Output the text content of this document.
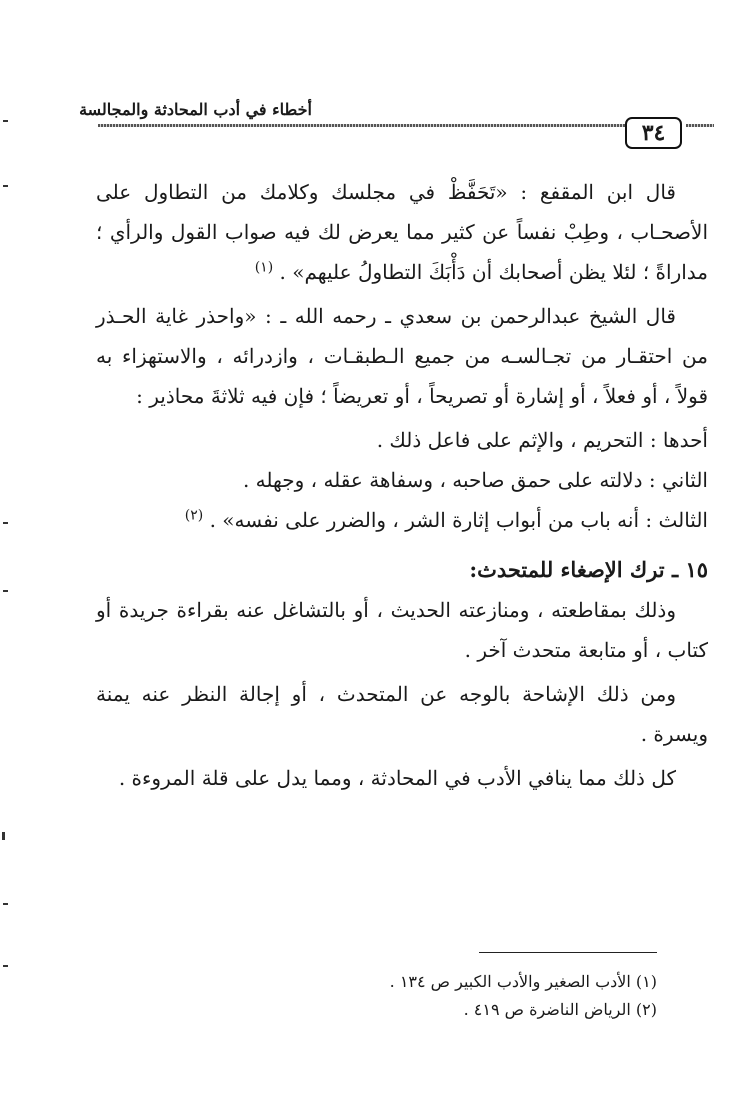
أخطاء في أدب المحادثة والمجالسة
٣٤

قال ابن المقفع : «تَحَفَّظْ في مجلسك وكلامك من التطاول على الأصحـاب ، وطِبْ نفساً عن كثير مما يعرض لك فيه صواب القول والرأي ؛ مداراةً ؛ لئلا يظن أصحابك أن دَأْبَكَ التطاولُ عليهم» . $^{(١)}$

قال الشيخ عبدالرحمن بن سعدي ـ رحمه الله ـ : «واحذر غاية الحـذر من احتقـار من تجـالسـه من جميع الـطبقـات ، وازدرائه ، والاستهزاء به قولاً ، أو فعلاً ، أو إشارة أو تصريحاً ، أو تعريضاً ؛ فإن فيه ثلاثةَ محاذير :

أحدها : التحريم ، والإثم على فاعل ذلك .

الثاني : دلالته على حمق صاحبه ، وسفاهة عقله ، وجهله .

الثالث : أنه باب من أبواب إثارة الشر ، والضرر على نفسه» . $^{(٢)}$

١٥ ـ ترك الإصغاء للمتحدث:

وذلك بمقاطعته ، ومنازعته الحديث ، أو بالتشاغل عنه بقراءة جريدة أو كتاب ، أو متابعة متحدث آخر .

ومن ذلك الإشاحة بالوجه عن المتحدث ، أو إجالة النظر عنه يمنة ويسرة .

كل ذلك مما ينافي الأدب في المحادثة ، ومما يدل على قلة المروءة .

(١) الأدب الصغير والأدب الكبير ص ١٣٤ .
(٢) الرياض الناضرة ص ٤١٩ .
